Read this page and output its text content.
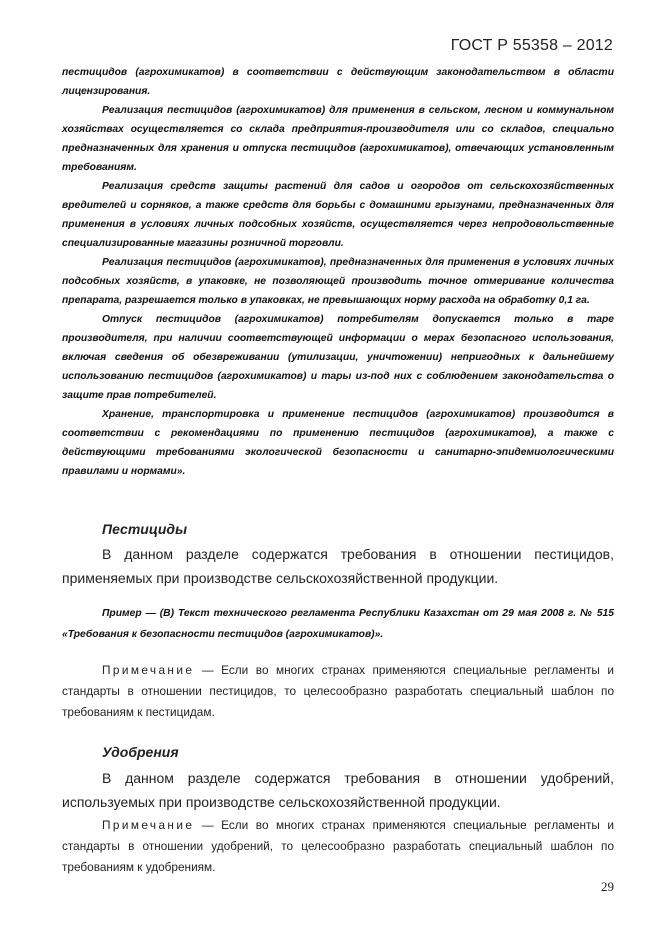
ГОСТ Р 55358 – 2012

пестицидов (агрохимикатов) в соответствии с действующим законодательством в области лицензирования.

Реализация пестицидов (агрохимикатов) для применения в сельском, лесном и коммунальном хозяйствах осуществляется со склада предприятия-производителя или со складов, специально предназначенных для хранения и отпуска пестицидов (агрохимикатов), отвечающих установленным требованиям.

Реализация средств защиты растений для садов и огородов от сельскохозяйственных вредителей и сорняков, а также средств для борьбы с домашними грызунами, предназначенных для применения в условиях личных подсобных хозяйств, осуществляется через непродовольственные специализированные магазины розничной торговли.

Реализация пестицидов (агрохимикатов), предназначенных для применения в условиях личных подсобных хозяйств, в упаковке, не позволяющей производить точное отмеривание количества препарата, разрешается только в упаковках, не превышающих норму расхода на обработку 0,1 га.

Отпуск пестицидов (агрохимикатов) потребителям допускается только в таре производителя, при наличии соответствующей информации о мерах безопасного использования, включая сведения об обезвреживании (утилизации, уничтожении) непригодных к дальнейшему использованию пестицидов (агрохимикатов) и тары из-под них с соблюдением законодательства о защите прав потребителей.

Хранение, транспортировка и применение пестицидов (агрохимикатов) производится в соответствии с рекомендациями по применению пестицидов (агрохимикатов), а также с действующими требованиями экологической безопасности и санитарно-эпидемиологическими правилами и нормами».

Пестициды

В данном разделе содержатся требования в отношении пестицидов, применяемых при производстве сельскохозяйственной продукции.

Пример — (В) Текст технического регламента Республики Казахстан от 29 мая 2008 г. № 515 «Требования к безопасности пестицидов (агрохимикатов)».

Примечание — Если во многих странах применяются специальные регламенты и стандарты в отношении пестицидов, то целесообразно разработать специальный шаблон по требованиям к пестицидам.

Удобрения

В данном разделе содержатся требования в отношении удобрений, используемых при производстве сельскохозяйственной продукции.

Примечание — Если во многих странах применяются специальные регламенты и стандарты в отношении удобрений, то целесообразно разработать специальный шаблон по требованиям к удобрениям.

29
